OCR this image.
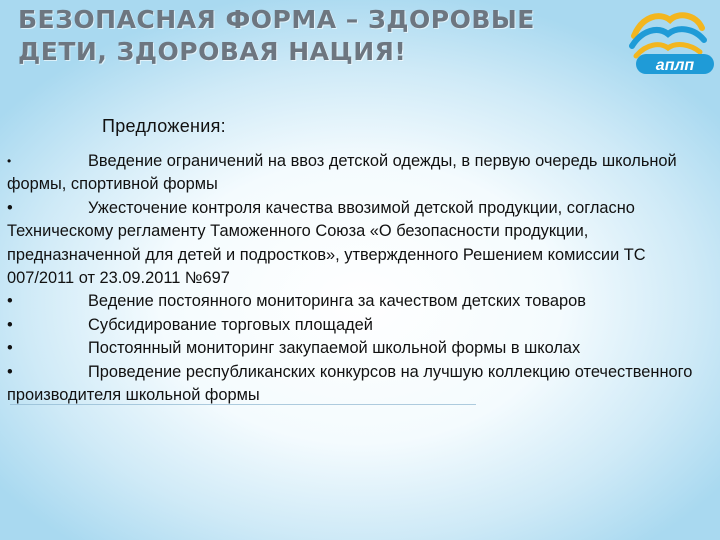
БЕЗОПАСНАЯ ФОРМА – ЗДОРОВЫЕ
ДЕТИ, ЗДОРОВАЯ НАЦИЯ!	аплп
Предложения:
•	Введение ограничений на ввоз детской одежды, в первую очередь школьной формы, спортивной формы
•	Ужесточение контроля качества ввозимой детской продукции, согласно Техническому регламенту Таможенного Союза «О безопасности продукции, предназначенной для детей и подростков», утвержденного Решением комиссии ТС 007/2011 от 23.09.2011 №697
•	Ведение постоянного мониторинга за качеством детских товаров
•	Субсидирование торговых площадей
•	Постоянный мониторинг закупаемой школьной формы в школах
•	Проведение республиканских конкурсов на лучшую коллекцию отечественного производителя школьной формы
